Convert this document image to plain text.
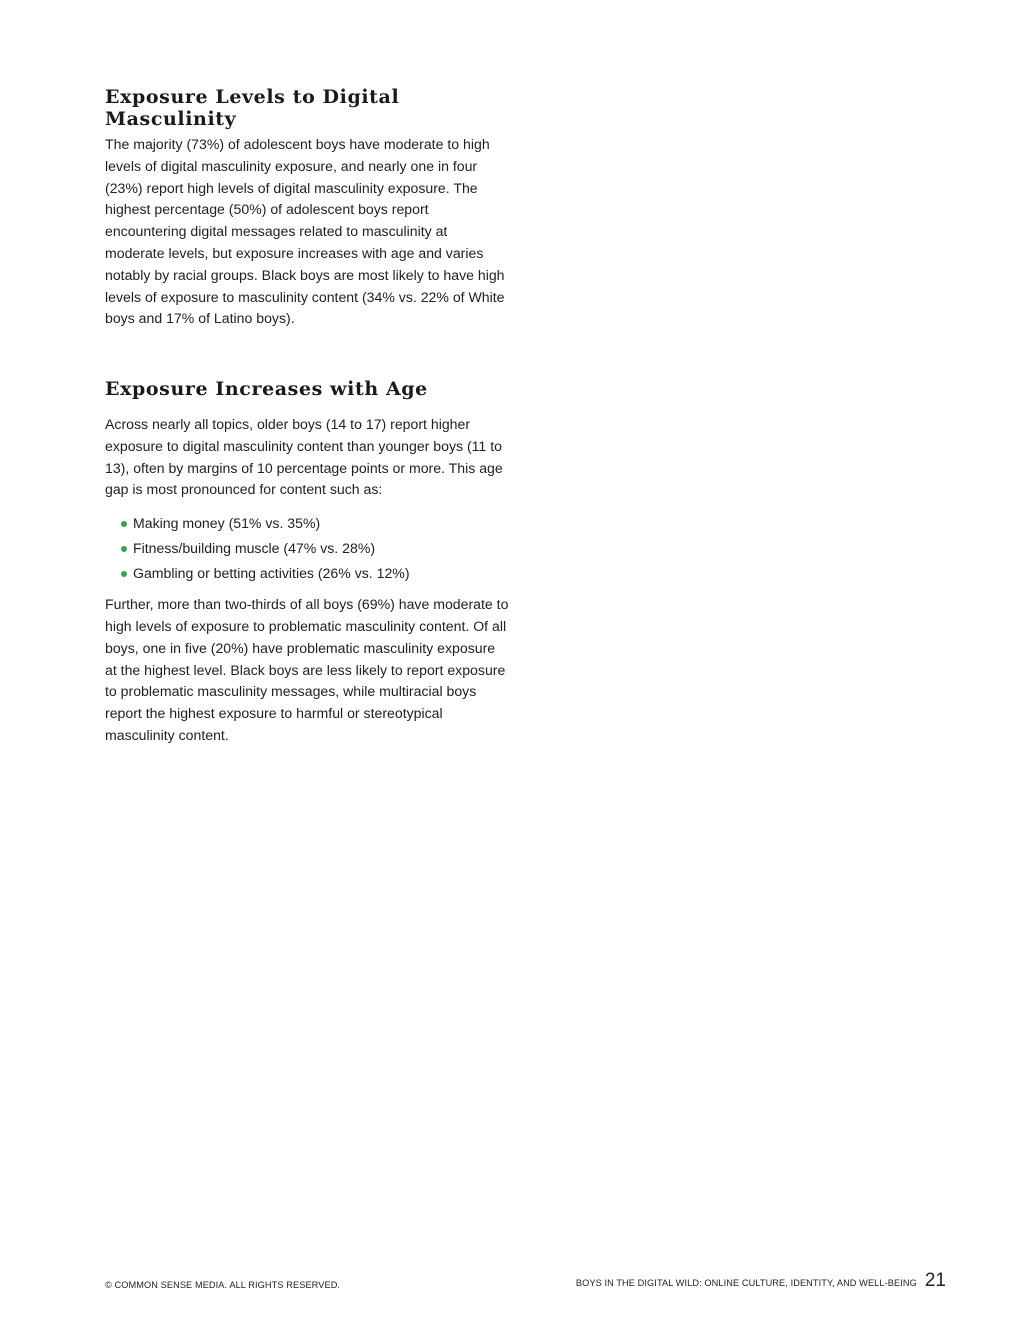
Exposure Levels to Digital Masculinity

The majority (73%) of adolescent boys have moderate to high levels of digital masculinity exposure, and nearly one in four (23%) report high levels of digital masculinity exposure. The highest percentage (50%) of adolescent boys report encountering digital messages related to masculinity at moderate levels, but exposure increases with age and varies notably by racial groups. Black boys are most likely to have high levels of exposure to masculinity content (34% vs. 22% of White boys and 17% of Latino boys).

Exposure Increases with Age

Across nearly all topics, older boys (14 to 17) report higher exposure to digital masculinity content than younger boys (11 to 13), often by margins of 10 percentage points or more. This age gap is most pronounced for content such as:

Making money (51% vs. 35%)
Fitness/building muscle (47% vs. 28%)
Gambling or betting activities (26% vs. 12%)

Further, more than two-thirds of all boys (69%) have moderate to high levels of exposure to problematic masculinity content. Of all boys, one in five (20%) have problematic masculinity exposure at the highest level. Black boys are less likely to report exposure to problematic masculinity messages, while multiracial boys report the highest exposure to harmful or stereotypical masculinity content.

© COMMON SENSE MEDIA. ALL RIGHTS RESERVED.	BOYS IN THE DIGITAL WILD: ONLINE CULTURE, IDENTITY, AND WELL-BEING 21
